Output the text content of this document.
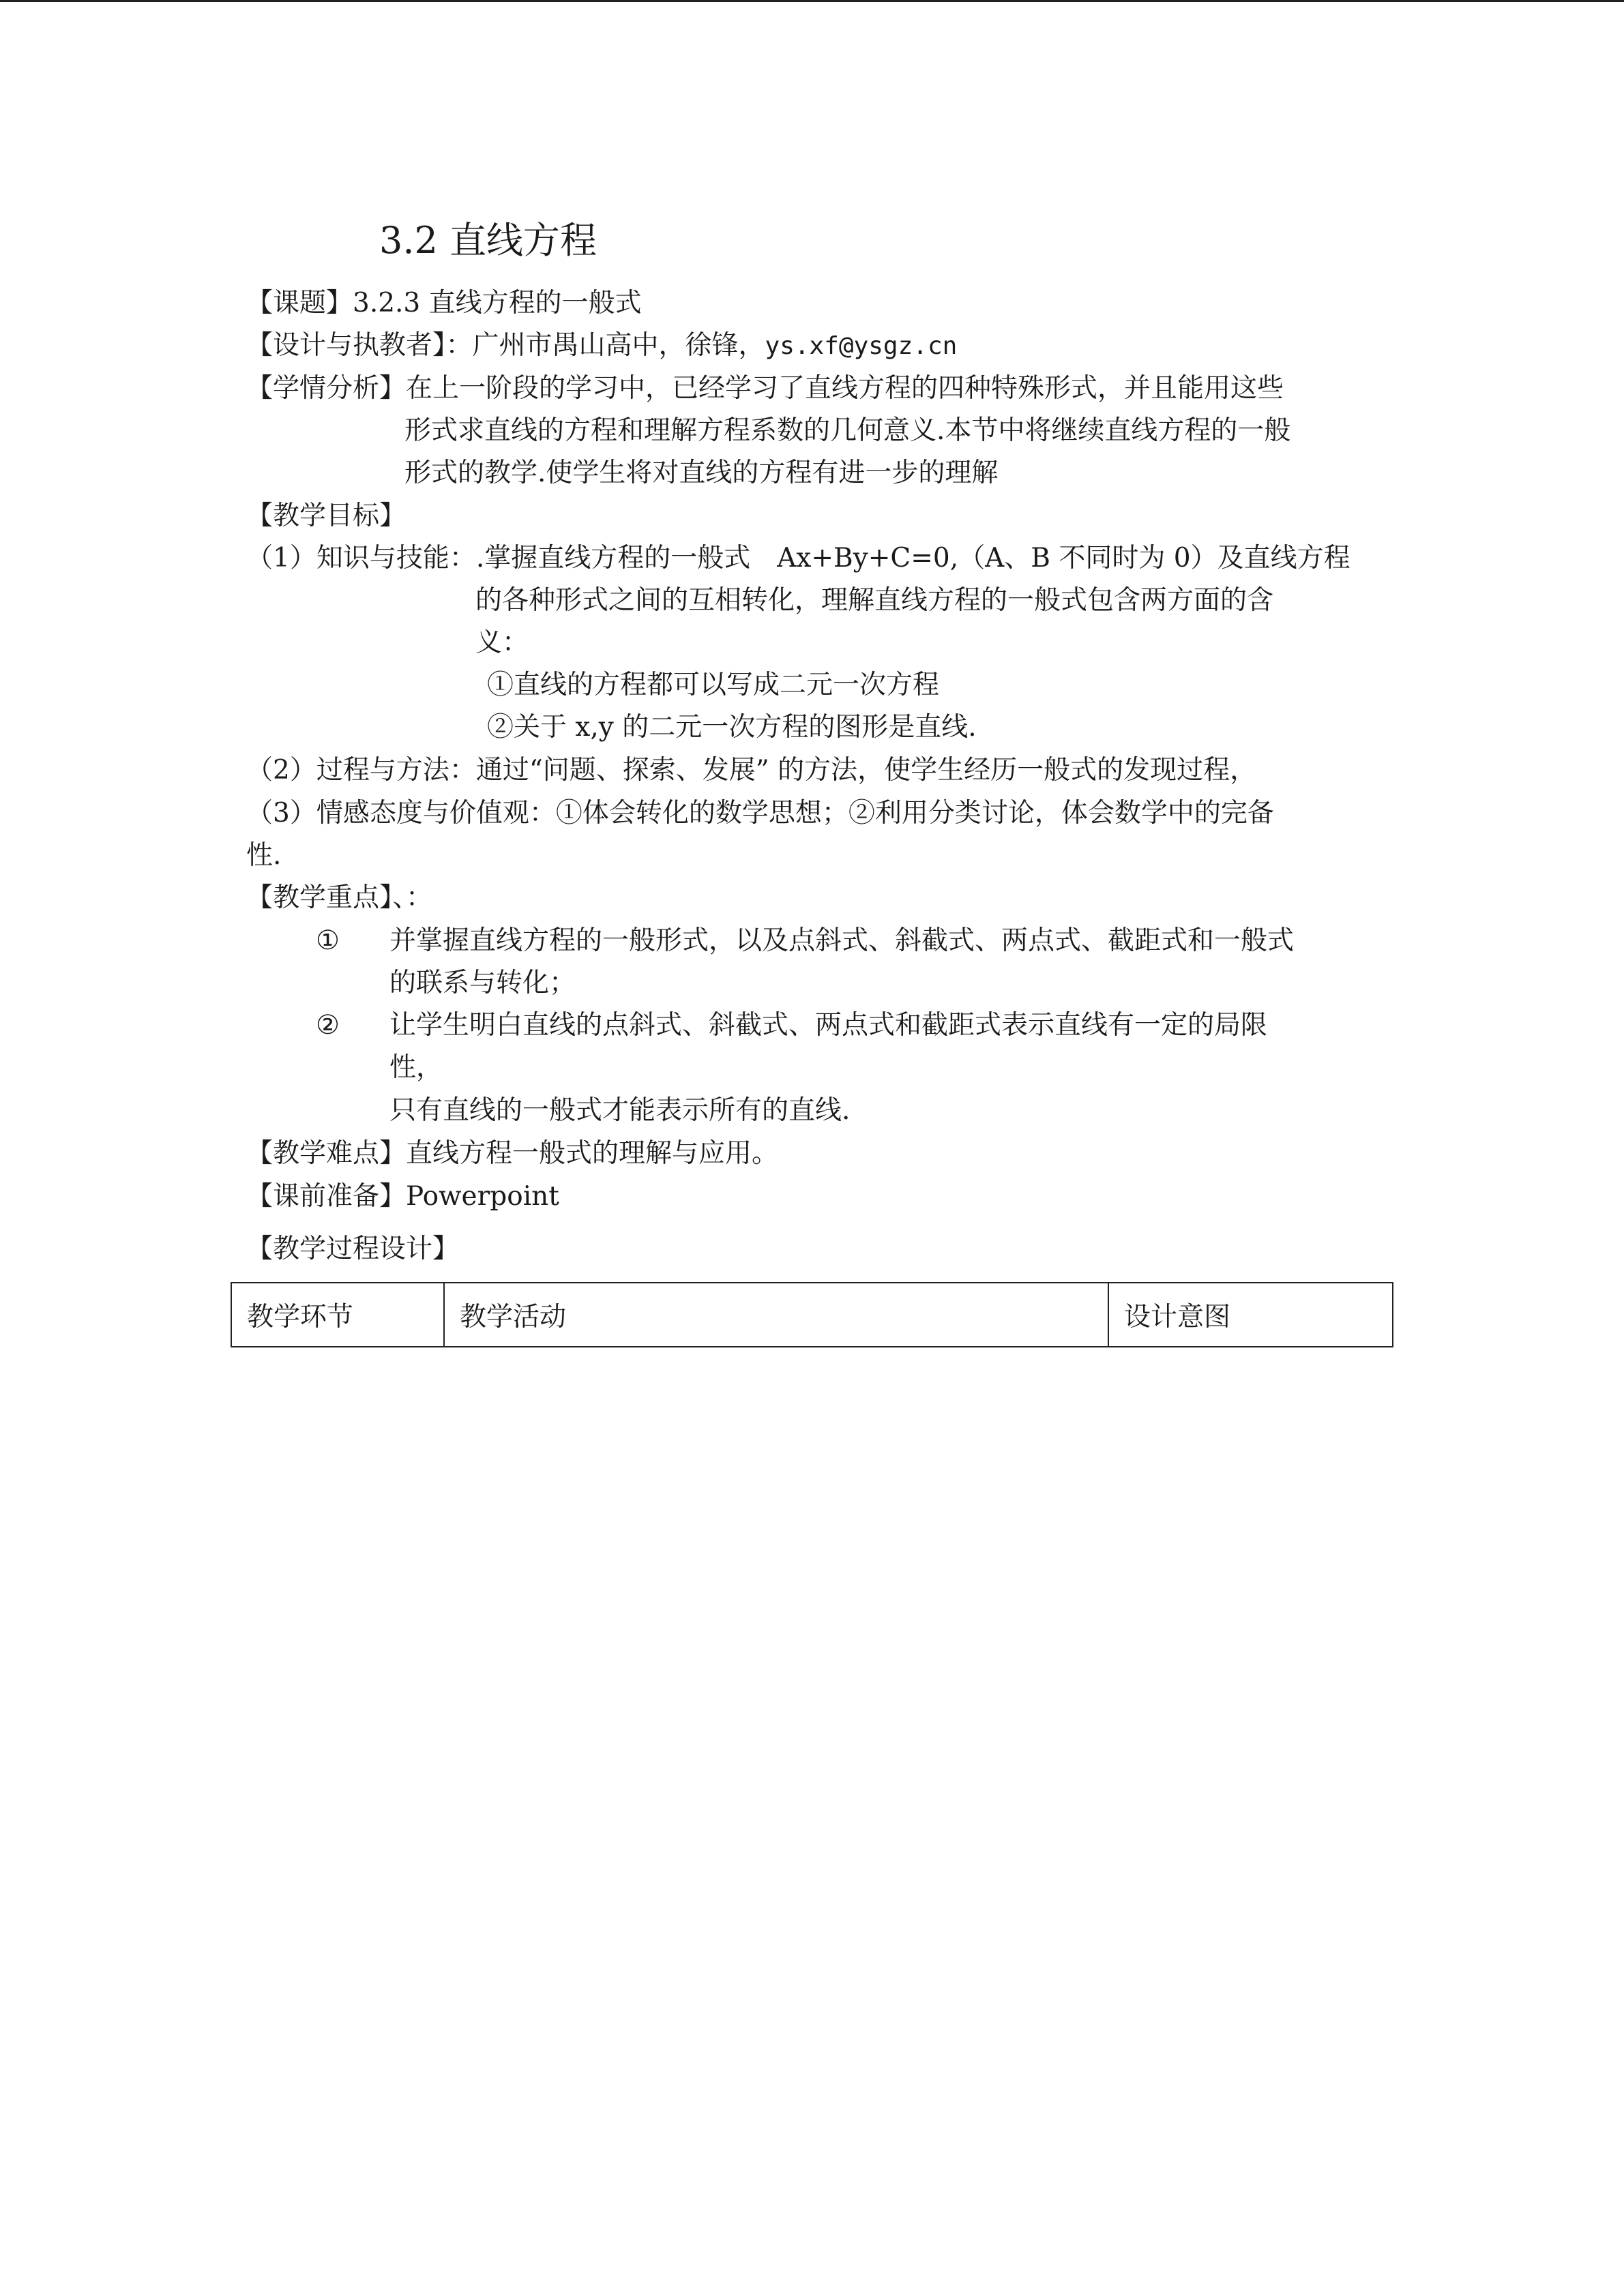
3.2 直线方程
【课题】3.2.3 直线方程的一般式
【设计与执教者】：广州市禺山高中，徐锋，ys.xf@ysgz.cn
【学情分析】在上一阶段的学习中，已经学习了直线方程的四种特殊形式，并且能用这些
形式求直线的方程和理解方程系数的几何意义.本节中将继续直线方程的一般
形式的教学.使学生将对直线的方程有进一步的理解
【教学目标】
（1）知识与技能：.掌握直线方程的一般式　Ax+By+C=0,（A、B 不同时为 0）及直线方程
的各种形式之间的互相转化，理解直线方程的一般式包含两方面的含
义：
①直线的方程都可以写成二元一次方程
②关于 x,y 的二元一次方程的图形是直线.
（2）过程与方法：通过“问题、探索、发展” 的方法，使学生经历一般式的发现过程，
（3）情感态度与价值观：①体会转化的数学思想；②利用分类讨论，体会数学中的完备
性.
【教学重点】、：
① 并掌握直线方程的一般形式，以及点斜式、斜截式、两点式、截距式和一般式
的联系与转化；
② 让学生明白直线的点斜式、斜截式、两点式和截距式表示直线有一定的局限
性，
只有直线的一般式才能表示所有的直线.
【教学难点】直线方程一般式的理解与应用。
【课前准备】Powerpoint
【教学过程设计】
教学环节	教学活动	设计意图
